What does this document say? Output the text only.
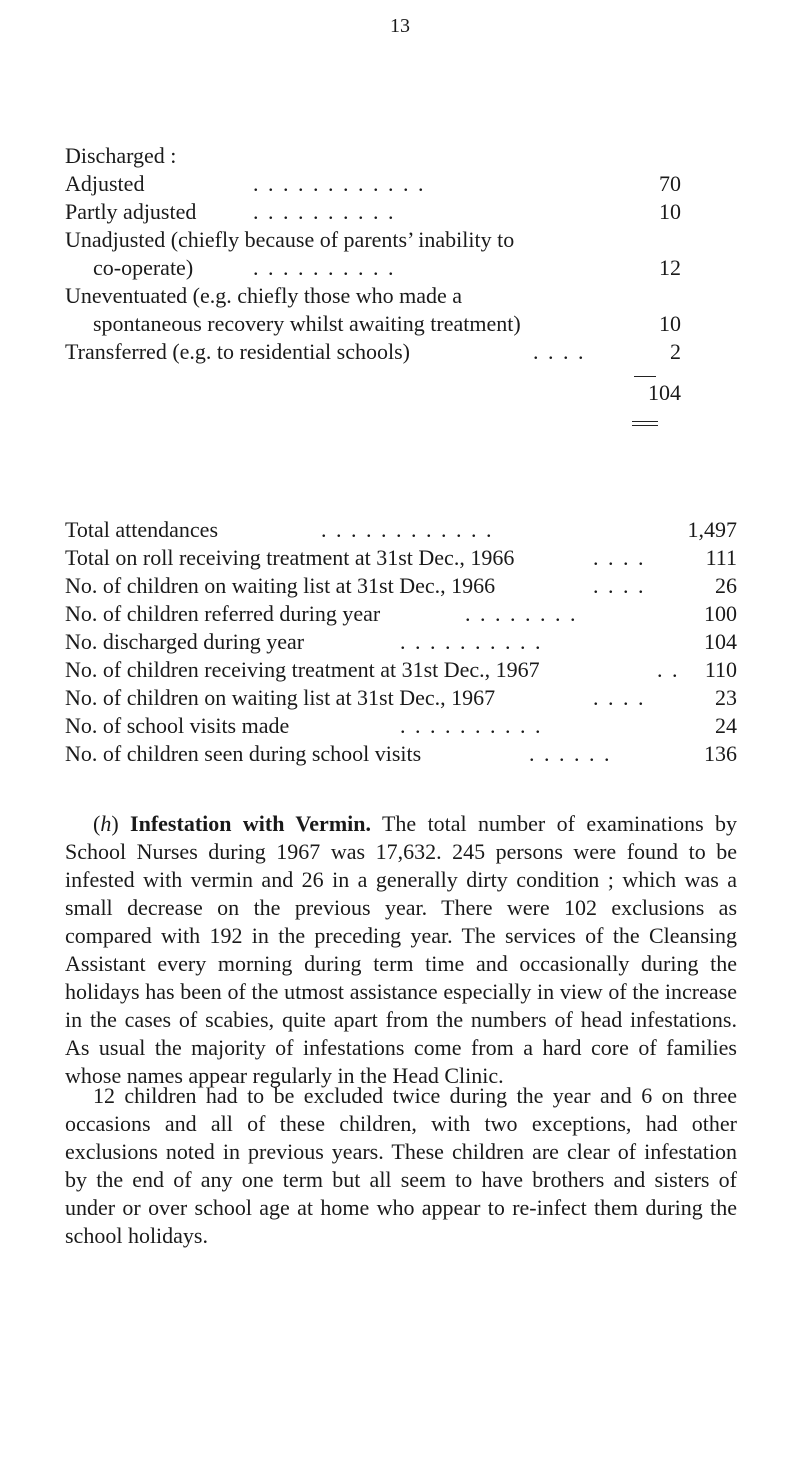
13
Discharged :
Adjusted	. . . . . . . . . . . .	70
Partly adjusted	. . . . . . . . . .	10
Unadjusted (chiefly because of parents’ inability to
co-operate)	. . . . . . . . . .	12
Uneventuated (e.g. chiefly those who made a
spontaneous recovery whilst awaiting treatment)	10
Transferred (e.g. to residential schools)	. . . .	2
104
Total attendances	. . . . . . . . . . . .	1,497
Total on roll receiving treatment at 31st Dec., 1966	. . . .	111
No. of children on waiting list at 31st Dec., 1966	. . . .	26
No. of children referred during year	. . . . . . . .	100
No. discharged during year	. . . . . . . . . .	104
No. of children receiving treatment at 31st Dec., 1967	. .	110
No. of children on waiting list at 31st Dec., 1967	. . . .	23
No. of school visits made	. . . . . . . . . .	24
No. of children seen during school visits	. . . . . .	136

(h) Infestation with Vermin. The total number of examinations by School Nurses during 1967 was 17,632. 245 persons were found to be infested with vermin and 26 in a generally dirty condition ; which was a small decrease on the previous year. There were 102 exclusions as compared with 192 in the preceding year. The services of the Cleansing Assistant every morning during term time and occasionally during the holidays has been of the utmost assistance especially in view of the increase in the cases of scabies, quite apart from the numbers of head infestations. As usual the majority of infestations come from a hard core of families whose names appear regularly in the Head Clinic.

12 children had to be excluded twice during the year and 6 on three occasions and all of these children, with two exceptions, had other exclusions noted in previous years. These children are clear of infestation by the end of any one term but all seem to have brothers and sisters of under or over school age at home who appear to re-infect them during the school holidays.
